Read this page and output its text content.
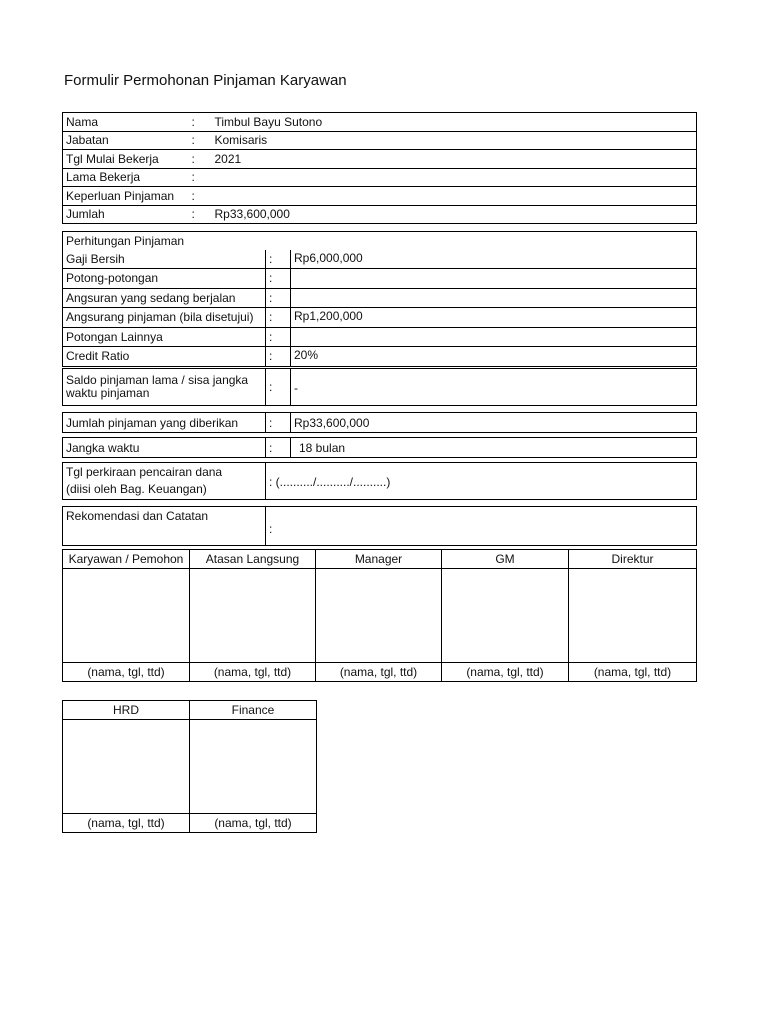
Formulir Permohonan Pinjaman Karyawan
Nama	:	Timbul Bayu Sutono
Jabatan	:	Komisaris
Tgl Mulai Bekerja	:	2021
Lama Bekerja	:	
Keperluan Pinjaman	:	
Jumlah	:	Rp33,600,000
Perhitungan Pinjaman		
Gaji Bersih	:	Rp6,000,000
Potong-potongan	:	
Angsuran yang sedang berjalan	:	
Angsurang pinjaman (bila disetujui)	:	Rp1,200,000
Potongan Lainnya	:	
Credit Ratio	:	20%
Saldo pinjaman lama / sisa jangka waktu pinjaman	:	-
Jumlah pinjaman yang diberikan	:	Rp33,600,000
Jangka waktu	:	18 bulan
Tgl perkiraan pencairan dana
(diisi oleh Bag. Keuangan)
	: (........../........../..........)
Rekomendasi dan Catatan	:
Karyawan / Pemohon	Atasan Langsung	Manager	GM	Direktur

(nama, tgl, ttd)	(nama, tgl, ttd)	(nama, tgl, ttd)	(nama, tgl, ttd)	(nama, tgl, ttd)
HRD	Finance

(nama, tgl, ttd)	(nama, tgl, ttd)
